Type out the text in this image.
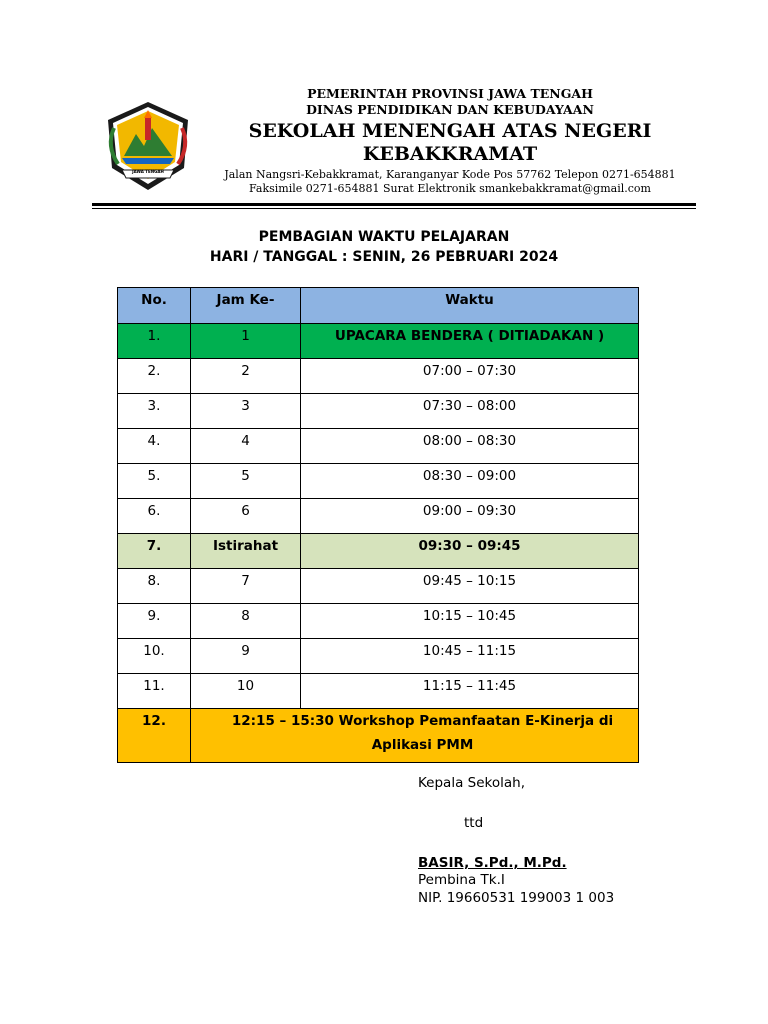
JAWA TENGAH
PEMERINTAH PROVINSI JAWA TENGAH
DINAS PENDIDIKAN DAN KEBUDAYAAN
SEKOLAH MENENGAH ATAS NEGERI
KEBAKKRAMAT
Jalan Nangsri-Kebakkramat, Karanganyar Kode Pos 57762 Telepon 0271-654881
Faksimile 0271-654881 Surat Elektronik smankebakkramat@gmail.com
PEMBAGIAN WAKTU PELAJARAN
HARI / TANGGAL : SENIN, 26 PEBRUARI 2024
No.	Jam Ke-	Waktu
1.	1	UPACARA BENDERA ( DITIADAKAN )
2.	2	07:00 – 07:30
3.	3	07:30 – 08:00
4.	4	08:00 – 08:30
5.	5	08:30 – 09:00
6.	6	09:00 – 09:30
7.	Istirahat	09:30 – 09:45
8.	7	09:45 – 10:15
9.	8	10:15 – 10:45
10.	9	10:45 – 11:15
11.	10	11:15 – 11:45
12.	12:15 – 15:30 Workshop Pemanfaatan E-Kinerja di Aplikasi PMM	
Kepala Sekolah,
ttd
BASIR, S.Pd., M.Pd.
Pembina Tk.I
NIP. 19660531 199003 1 003
